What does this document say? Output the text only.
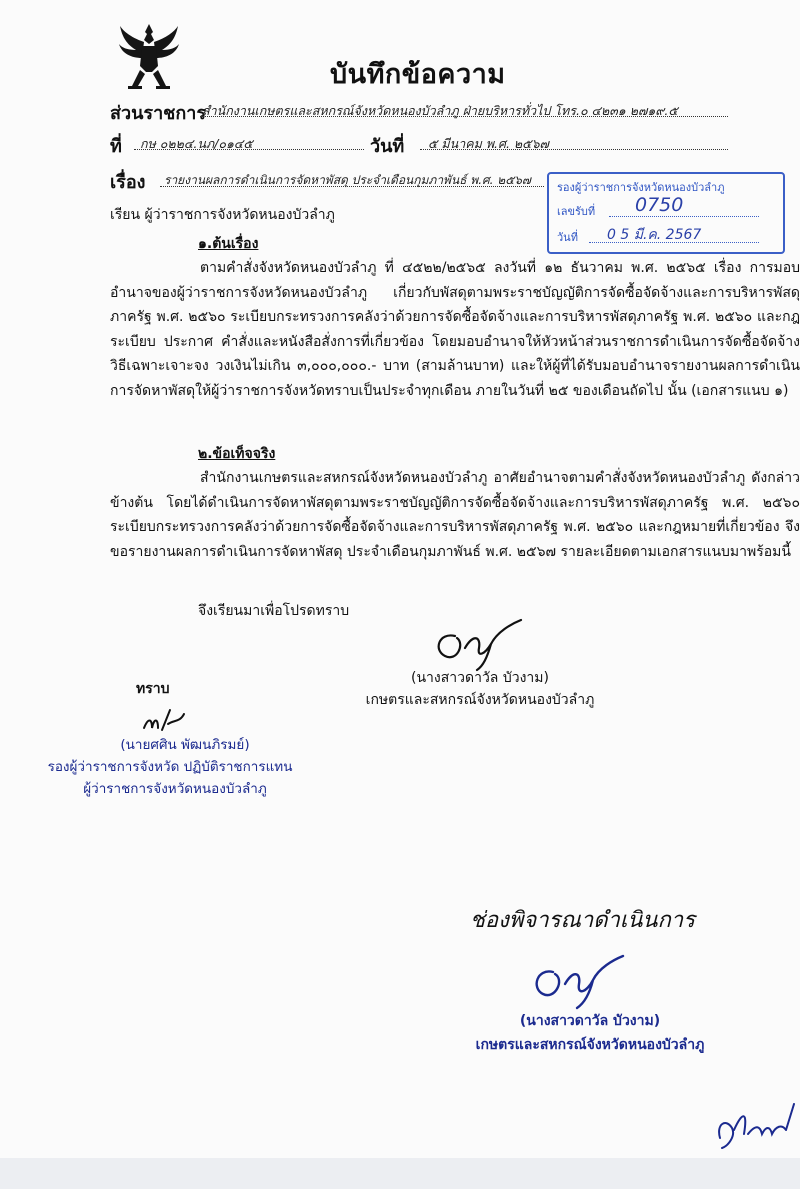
บันทึกข้อความ
ส่วนราชการ
สำนักงานเกษตรและสหกรณ์จังหวัดหนองบัวลำภู ฝ่ายบริหารทั่วไป โทร.๐ ๔๒๓๑ ๒๗๑๙.๕
ที่ กษ ๐๒๒๔.นภ/๐๑๔๕	วันที่ ๕ มีนาคม พ.ศ. ๒๕๖๗
เรื่อง รายงานผลการดำเนินการจัดหาพัสดุ ประจำเดือนกุมภาพันธ์ พ.ศ. ๒๕๖๗
รองผู้ว่าราชการจังหวัดหนองบัวลำภู
เลขรับที่ 0750
วันที่ 0 5 มี.ค. 2567
เรียน ผู้ว่าราชการจังหวัดหนองบัวลำภู
๑.ต้นเรื่อง
ตามคำสั่งจังหวัดหนองบัวลำภู ที่ ๔๕๒๒/๒๕๖๕ ลงวันที่ ๑๒ ธันวาคม พ.ศ. ๒๕๖๕ เรื่อง การมอบอำนาจของผู้ว่าราชการจังหวัดหนองบัวลำภู เกี่ยวกับพัสดุตามพระราชบัญญัติการจัดซื้อจัดจ้างและการบริหารพัสดุภาครัฐ พ.ศ. ๒๕๖๐ ระเบียบกระทรวงการคลังว่าด้วยการจัดซื้อจัดจ้างและการบริหารพัสดุภาครัฐ พ.ศ. ๒๕๖๐ และกฎ ระเบียบ ประกาศ คำสั่งและหนังสือสั่งการที่เกี่ยวข้อง โดยมอบอำนาจให้หัวหน้าส่วนราชการดำเนินการจัดซื้อจัดจ้างวิธีเฉพาะเจาะจง วงเงินไม่เกิน ๓,๐๐๐,๐๐๐.- บาท (สามล้านบาท) และให้ผู้ที่ได้รับมอบอำนาจรายงานผลการดำเนินการจัดหาพัสดุให้ผู้ว่าราชการจังหวัดทราบเป็นประจำทุกเดือน ภายในวันที่ ๒๕ ของเดือนถัดไป นั้น (เอกสารแนบ ๑)
๒.ข้อเท็จจริง
สำนักงานเกษตรและสหกรณ์จังหวัดหนองบัวลำภู อาศัยอำนาจตามคำสั่งจังหวัดหนองบัวลำภู ดังกล่าวข้างต้น โดยได้ดำเนินการจัดหาพัสดุตามพระราชบัญญัติการจัดซื้อจัดจ้างและการบริหารพัสดุภาครัฐ พ.ศ. ๒๕๖๐ ระเบียบกระทรวงการคลังว่าด้วยการจัดซื้อจัดจ้างและการบริหารพัสดุภาครัฐ พ.ศ. ๒๕๖๐ และกฎหมายที่เกี่ยวข้อง จึงขอรายงานผลการดำเนินการจัดหาพัสดุ ประจำเดือนกุมภาพันธ์ พ.ศ. ๒๕๖๗ รายละเอียดตามเอกสารแนบมาพร้อมนี้
จึงเรียนมาเพื่อโปรดทราบ
(นางสาวดาวัล บัวงาม)
เกษตรและสหกรณ์จังหวัดหนองบัวลำภู
ทราบ
(นายศศิน พัฒนภิรมย์)
รองผู้ว่าราชการจังหวัด ปฏิบัติราชการแทน
ผู้ว่าราชการจังหวัดหนองบัวลำภู
ช่องพิจารณาดำเนินการ
(นางสาวดาวัล บัวงาม)
เกษตรและสหกรณ์จังหวัดหนองบัวลำภู
